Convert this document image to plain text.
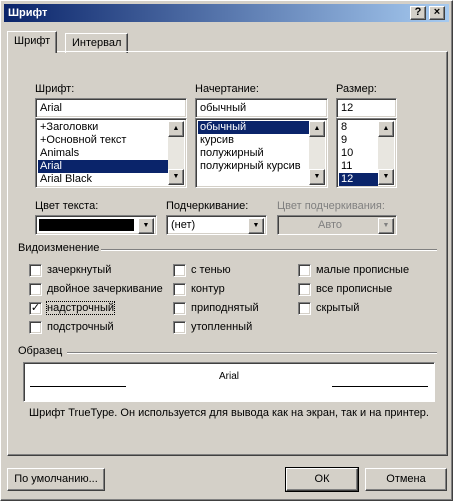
Шрифт	?	×
Шрифт	Интервал
Шрифт:
Arial
+Заголовки
+Основной текст
Animals
Arial
Arial Black
▲
▼
Начертание:
обычный
обычный
курсив
полужирный
полужирный курсив
▲
▼
Размер:
12
8
9
10
11
12
▲
▼
Цвет текста:
▼
Подчеркивание:
(нет)	▼
Цвет подчеркивания:
Авто	▼
Видоизменение
зачеркнутый
двойное зачеркивание
✓ надстрочный
подстрочный
с тенью
контур
приподнятый
утопленный
малые прописные
все прописные
скрытый
Образец
Arial
Шрифт TrueType. Он используется для вывода как на экран, так и на принтер.
По умолчанию...	ОК	Отмена
